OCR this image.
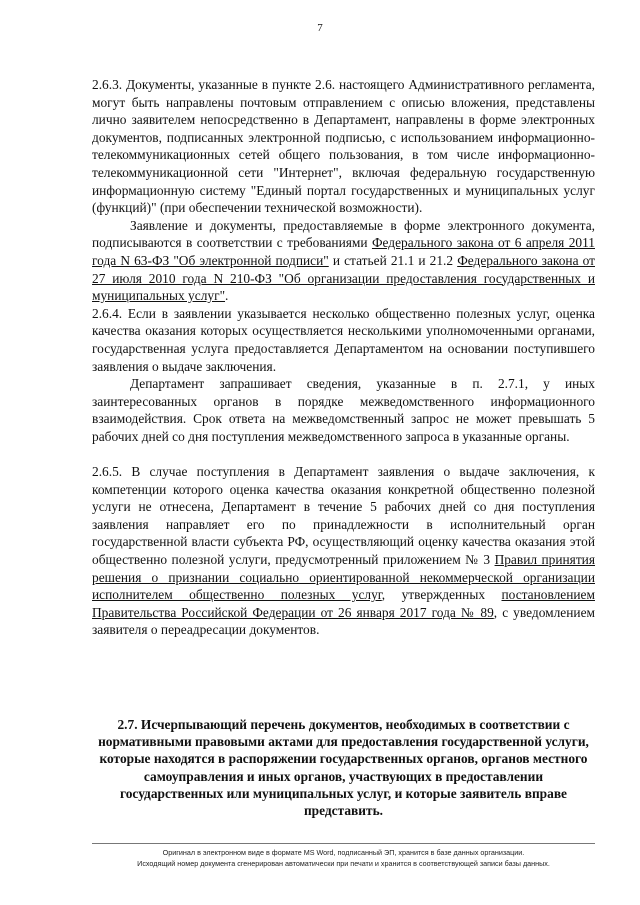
7

2.6.3. Документы, указанные в пункте 2.6. настоящего Административного регламента, могут быть направлены почтовым отправлением с описью вложения, представлены лично заявителем непосредственно в Департамент, направлены в форме электронных документов, подписанных электронной подписью, с использованием информационно-телекоммуникационных сетей общего пользования, в том числе информационно-телекоммуникационной сети "Интернет", включая федеральную государственную информационную систему "Единый портал государственных и муниципальных услуг (функций)" (при обеспечении технической возможности).

Заявление и документы, предоставляемые в форме электронного документа, подписываются в соответствии с требованиями Федерального закона от 6 апреля 2011 года N 63-ФЗ "Об электронной подписи" и статьей 21.1 и 21.2 Федерального закона от 27 июля 2010 года N 210-ФЗ "Об организации предоставления государственных и муниципальных услуг".

2.6.4. Если в заявлении указывается несколько общественно полезных услуг, оценка качества оказания которых осуществляется несколькими уполномоченными органами, государственная услуга предоставляется Департаментом на основании поступившего заявления о выдаче заключения.

Департамент запрашивает сведения, указанные в п. 2.7.1, у иных заинтересованных органов в порядке межведомственного информационного взаимодействия. Срок ответа на межведомственный запрос не может превышать 5 рабочих дней со дня поступления межведомственного запроса в указанные органы.

2.6.5. В случае поступления в Департамент заявления о выдаче заключения, к компетенции которого оценка качества оказания конкретной общественно полезной услуги не отнесена, Департамент в течение 5 рабочих дней со дня поступления заявления направляет его по принадлежности в исполнительный орган государственной власти субъекта РФ, осуществляющий оценку качества оказания этой общественно полезной услуги, предусмотренный приложением № 3 Правил принятия решения о признании социально ориентированной некоммерческой организации исполнителем общественно полезных услуг, утвержденных постановлением Правительства Российской Федерации от 26 января 2017 года № 89, с уведомлением заявителя о переадресации документов.

2.7. Исчерпывающий перечень документов, необходимых в соответствии с нормативными правовыми актами для предоставления государственной услуги, которые находятся в распоряжении государственных органов, органов местного самоуправления и иных органов, участвующих в предоставлении государственных или муниципальных услуг, и которые заявитель вправе представить.
Оригинал в электронном виде в формате MS Word, подписанный ЭП, хранится в базе данных организации.
Исходящий номер документа сгенерирован автоматически при печати и хранится в соответствующей записи базы данных.
